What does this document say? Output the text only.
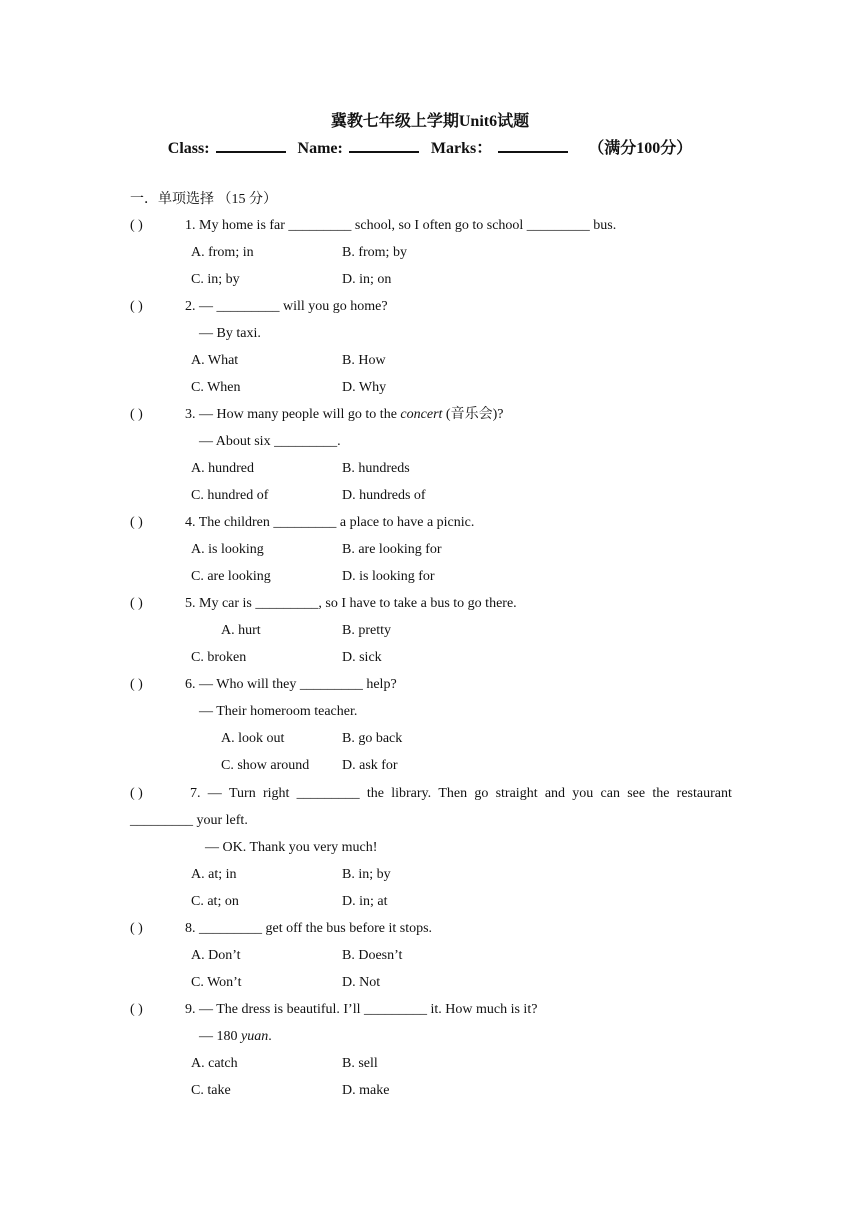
冀教七年级上学期Unit6试题
Class:	Name:	Marks：	（满分100分）
一．单项选择 （15 分）
( )	1. My home is far _________ school, so I often go to school _________ bus.
A. from; in	B. from; by
C. in; by	D. in; on
( )	2. — _________ will you go home?
— By taxi.
A. What	B. How
C. When	D. Why
( )	3. — How many people will go to the concert (音乐会)?
— About six _________.
A. hundred	B. hundreds
C. hundred of	D. hundreds of
( )	4. The children _________ a place to have a picnic.
A. is looking	B. are looking for
C. are looking	D. is looking for
( )	5. My car is _________, so I have to take a bus to go there.
A. hurt	B. pretty
C. broken	D. sick
( )	6. — Who will they _________ help?
— Their homeroom teacher.
A. look out	B. go back
C. show around D. ask for
( )	7. — Turn right _________ the library. Then go straight and you can see the restaurant
_________ your left.
— OK. Thank you very much!
A. at; in	B. in; by
C. at; on	D. in; at
( )	8. _________ get off the bus before it stops.
A. Don’t	B. Doesn’t
C. Won’t	D. Not
( )	9. — The dress is beautiful. I’ll _________ it. How much is it?
— 180 yuan.
A. catch	B. sell
C. take	D. make
